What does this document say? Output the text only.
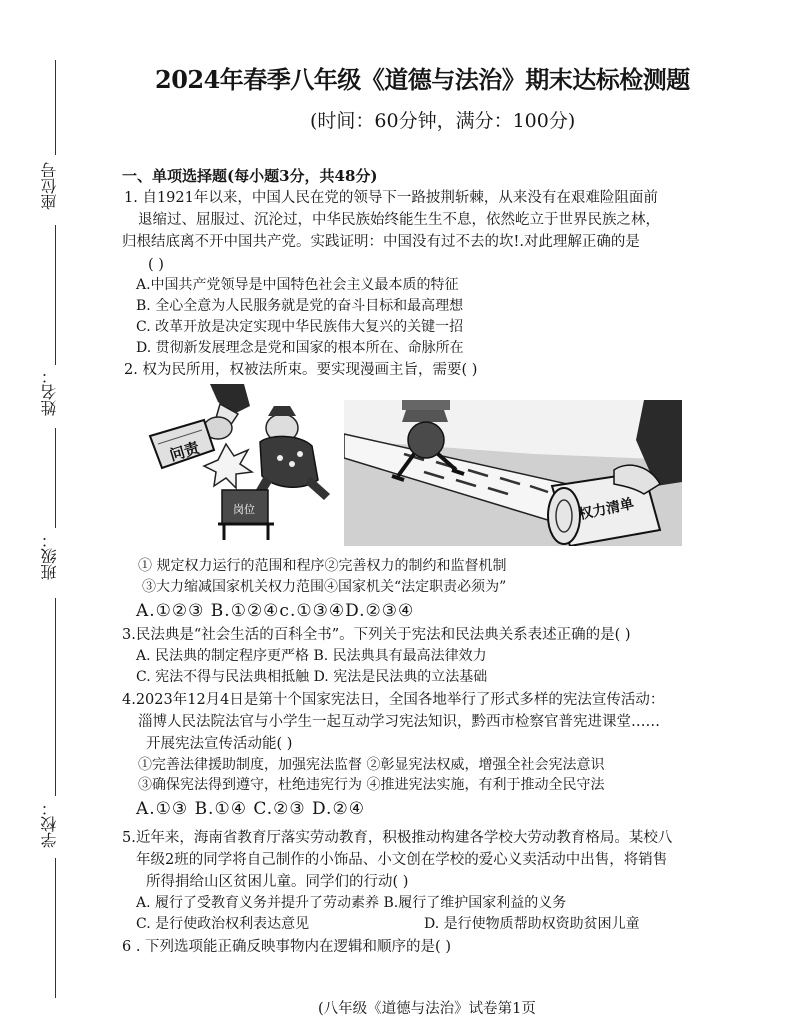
座位号
姓名：
班级：
学校：
2024年春季八年级《道德与法治》期末达标检测题
(时间：60分钟，满分：100分)
一、单项选择题(每小题3分，共48分)
1. 自1921年以来，中国人民在党的领导下一路披荆斩棘，从来没有在艰难险阻面前
退缩过、屈服过、沉沦过，中华民族始终能生生不息，依然屹立于世界民族之林，
归根结底离不开中国共产党。实践证明：中国没有过不去的坎!.对此理解正确的是
( )
A.中国共产党领导是中国特色社会主义最本质的特征
B. 全心全意为人民服务就是党的奋斗目标和最高理想
C. 改革开放是决定实现中华民族伟大复兴的关键一招
D. 贯彻新发展理念是党和国家的根本所在、命脉所在
2. 权为民所用，权被法所束。要实现漫画主旨，需要( )
问责
岗位	权力清单
① 规定权力运行的范围和程序②完善权力的制约和监督机制
③大力缩减国家机关权力范围④国家机关“法定职责必须为”
A.①②③ B.①②④c.①③④D.②③④
3.民法典是“社会生活的百科全书”。下列关于宪法和民法典关系表述正确的是( )
A. 民法典的制定程序更严格 B. 民法典具有最高法律效力
C. 宪法不得与民法典相抵触 D. 宪法是民法典的立法基础
4.2023年12月4日是第十个国家宪法日，全国各地举行了形式多样的宪法宣传活动：
淄博人民法院法官与小学生一起互动学习宪法知识，黔西市检察官普宪进课堂……
开展宪法宣传活动能( )
①完善法律援助制度，加强宪法监督 ②彰显宪法权威，增强全社会宪法意识
③确保宪法得到遵守，杜绝违宪行为 ④推进宪法实施，有利于推动全民守法
A.①③ B.①④ C.②③ D.②④
5.近年来，海南省教育厅落实劳动教育，积极推动构建各学校大劳动教育格局。某校八
年级2班的同学将自己制作的小饰品、小文创在学校的爱心义卖活动中出售，将销售
所得捐给山区贫困儿童。同学们的行动( )
A. 履行了受教育义务并提升了劳动素养 B.履行了维护国家利益的义务
C. 是行使政治权利表达意见	D. 是行使物质帮助权资助贫困儿童
6 . 下列选项能正确反映事物内在逻辑和顺序的是( )
(八年级《道德与法治》试卷第1页
